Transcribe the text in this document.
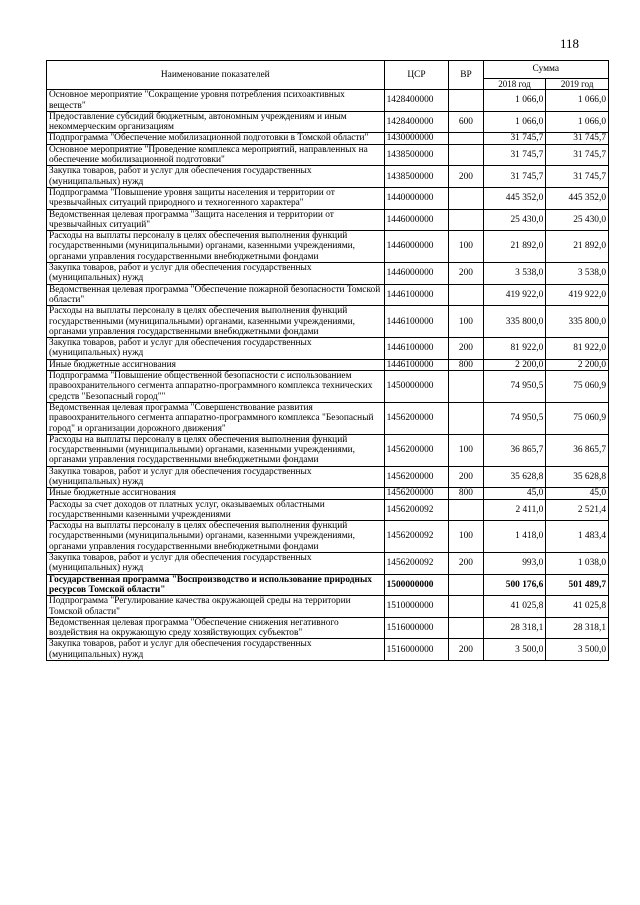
118
Наименование показателей	ЦСР	ВР	Сумма	
			2018 год	2019 год
Основное мероприятие "Сокращение уровня потребления психоактивных веществ"	1428400000		1 066,0	1 066,0
Предоставление субсидий бюджетным, автономным учреждениям и иным некоммерческим организациям	1428400000	600	1 066,0	1 066,0
Подпрограмма "Обеспечение мобилизационной подготовки в Томской области"	1430000000		31 745,7	31 745,7
Основное мероприятие "Проведение комплекса мероприятий, направленных на обеспечение мобилизационной подготовки"	1438500000		31 745,7	31 745,7
Закупка товаров, работ и услуг для обеспечения государственных (муниципальных) нужд	1438500000	200	31 745,7	31 745,7
Подпрограмма "Повышение уровня защиты населения и территории от чрезвычайных ситуаций природного и техногенного характера"	1440000000		445 352,0	445 352,0
Ведомственная целевая программа "Защита населения и территории от чрезвычайных ситуаций"	1446000000		25 430,0	25 430,0
Расходы на выплаты персоналу в целях обеспечения выполнения функций государственными (муниципальными) органами, казенными учреждениями, органами управления государственными внебюджетными фондами	1446000000	100	21 892,0	21 892,0
Закупка товаров, работ и услуг для обеспечения государственных (муниципальных) нужд	1446000000	200	3 538,0	3 538,0
Ведомственная целевая программа "Обеспечение пожарной безопасности Томской области"	1446100000		419 922,0	419 922,0
Расходы на выплаты персоналу в целях обеспечения выполнения функций государственными (муниципальными) органами, казенными учреждениями, органами управления государственными внебюджетными фондами	1446100000	100	335 800,0	335 800,0
Закупка товаров, работ и услуг для обеспечения государственных (муниципальных) нужд	1446100000	200	81 922,0	81 922,0
Иные бюджетные ассигнования	1446100000	800	2 200,0	2 200,0
Подпрограмма "Повышение общественной безопасности с использованием правоохранительного сегмента аппаратно-программного комплекса технических средств "Безопасный город""	1450000000		74 950,5	75 060,9
Ведомственная целевая программа "Совершенствование развития правоохранительного сегмента аппаратно-программного комплекса "Безопасный город" и организации дорожного движения"	1456200000		74 950,5	75 060,9
Расходы на выплаты персоналу в целях обеспечения выполнения функций государственными (муниципальными) органами, казенными учреждениями, органами управления государственными внебюджетными фондами	1456200000	100	36 865,7	36 865,7
Закупка товаров, работ и услуг для обеспечения государственных (муниципальных) нужд	1456200000	200	35 628,8	35 628,8
Иные бюджетные ассигнования	1456200000	800	45,0	45,0
Расходы за счет доходов от платных услуг, оказываемых областными государственными казенными учреждениями	1456200092		2 411,0	2 521,4
Расходы на выплаты персоналу в целях обеспечения выполнения функций государственными (муниципальными) органами, казенными учреждениями, органами управления государственными внебюджетными фондами	1456200092	100	1 418,0	1 483,4
Закупка товаров, работ и услуг для обеспечения государственных (муниципальных) нужд	1456200092	200	993,0	1 038,0
Государственная программа "Воспроизводство и использование природных ресурсов Томской области"	1500000000		500 176,6	501 489,7
Подпрограмма "Регулирование качества окружающей среды на территории Томской области"	1510000000		41 025,8	41 025,8
Ведомственная целевая программа "Обеспечение снижения негативного воздействия на окружающую среду хозяйствующих субъектов"	1516000000		28 318,1	28 318,1
Закупка товаров, работ и услуг для обеспечения государственных (муниципальных) нужд	1516000000	200	3 500,0	3 500,0
